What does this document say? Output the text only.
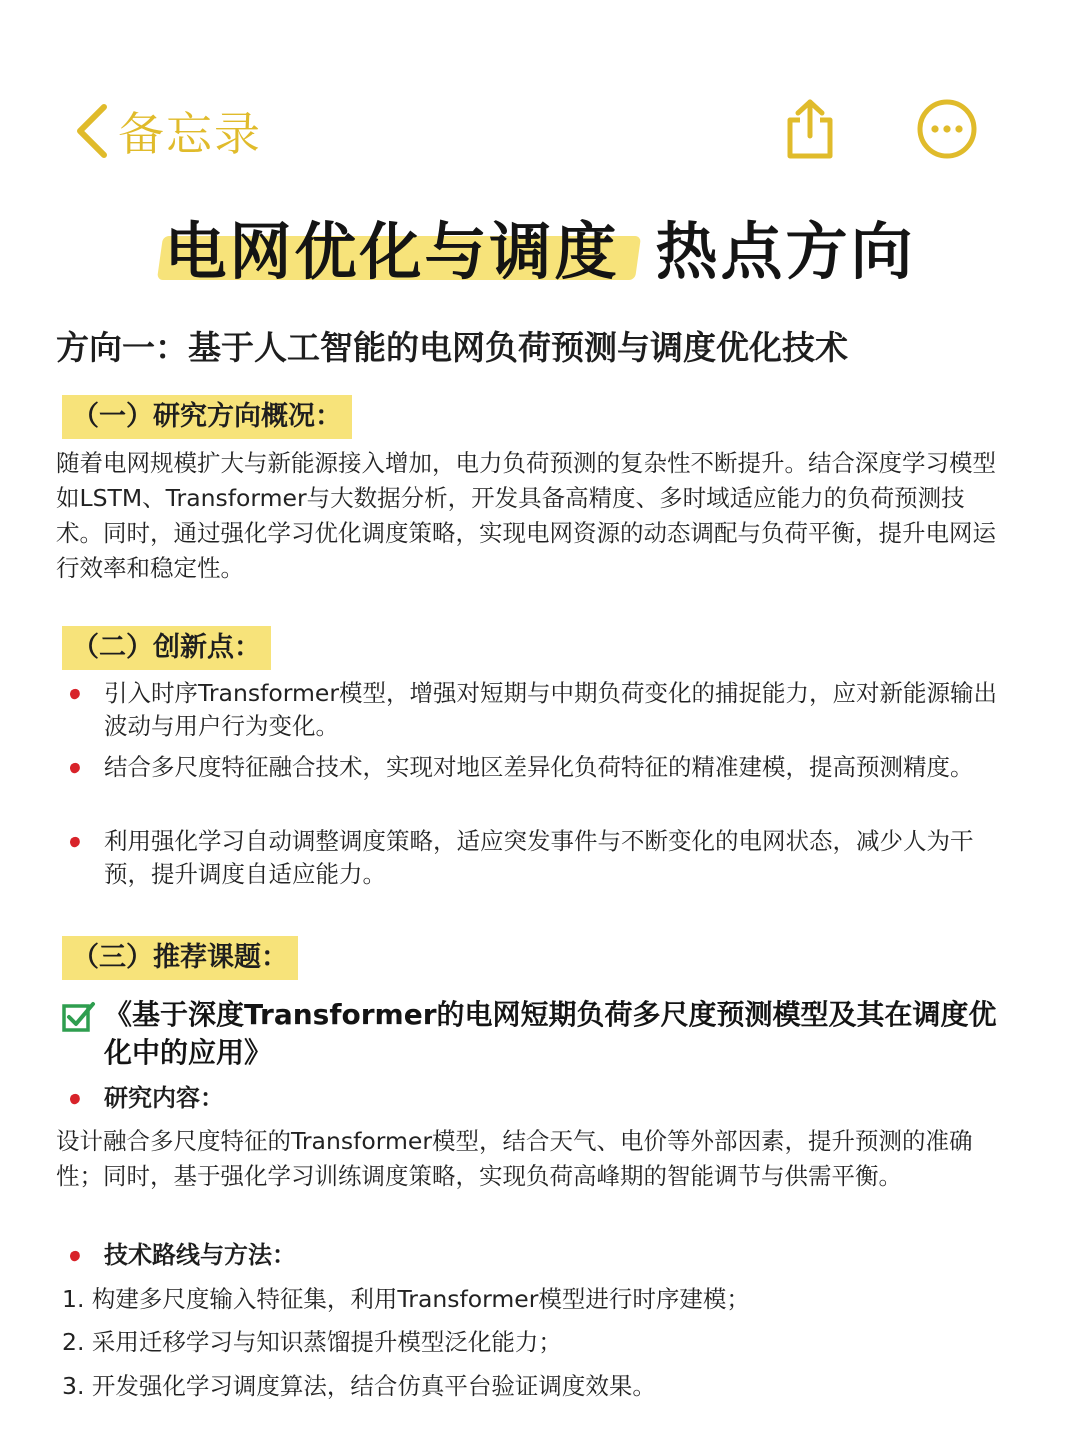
备忘录
电网优化与调度 热点方向
方向一：基于人工智能的电网负荷预测与调度优化技术
（一）研究方向概况：
随着电网规模扩大与新能源接入增加，电力负荷预测的复杂性不断提升。结合深度学习模型如LSTM、Transformer与大数据分析，开发具备高精度、多时域适应能力的负荷预测技术。同时，通过强化学习优化调度策略，实现电网资源的动态调配与负荷平衡，提升电网运行效率和稳定性。
（二）创新点：
引入时序Transformer模型，增强对短期与中期负荷变化的捕捉能力，应对新能源输出波动与用户行为变化。
结合多尺度特征融合技术，实现对地区差异化负荷特征的精准建模，提高预测精度。
利用强化学习自动调整调度策略，适应突发事件与不断变化的电网状态，减少人为干预，提升调度自适应能力。
（三）推荐课题：
《基于深度Transformer的电网短期负荷多尺度预测模型及其在调度优化中的应用》
研究内容：
设计融合多尺度特征的Transformer模型，结合天气、电价等外部因素，提升预测的准确性；同时，基于强化学习训练调度策略，实现负荷高峰期的智能调节与供需平衡。
技术路线与方法：
1. 构建多尺度输入特征集，利用Transformer模型进行时序建模；
2. 采用迁移学习与知识蒸馏提升模型泛化能力；
3. 开发强化学习调度算法，结合仿真平台验证调度效果。
